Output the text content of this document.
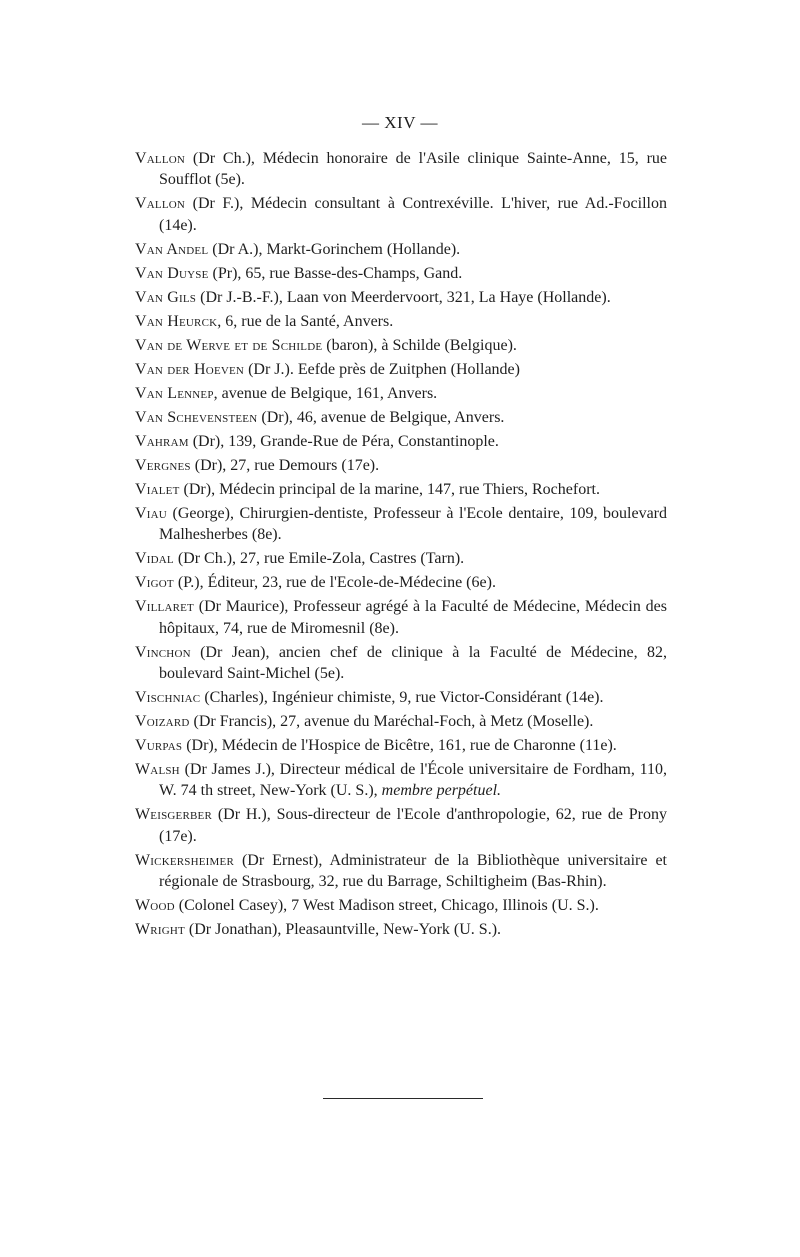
— XIV —

Vallon (Dr Ch.), Médecin honoraire de l'Asile clinique Sainte-Anne, 15, rue Soufflot (5e).

Vallon (Dr F.), Médecin consultant à Contrexéville. L'hiver, rue Ad.-Focillon (14e).

Van Andel (Dr A.), Markt-Gorinchem (Hollande).

Van Duyse (Pr), 65, rue Basse-des-Champs, Gand.

Van Gils (Dr J.-B.-F.), Laan von Meerdervoort, 321, La Haye (Hollande).

Van Heurck, 6, rue de la Santé, Anvers.

Van de Werve et de Schilde (baron), à Schilde (Belgique).

Van der Hoeven (Dr J.). Eefde près de Zuitphen (Hollande)

Van Lennep, avenue de Belgique, 161, Anvers.

Van Schevensteen (Dr), 46, avenue de Belgique, Anvers.

Vahram (Dr), 139, Grande-Rue de Péra, Constantinople.

Vergnes (Dr), 27, rue Demours (17e).

Vialet (Dr), Médecin principal de la marine, 147, rue Thiers, Rochefort.

Viau (George), Chirurgien-dentiste, Professeur à l'Ecole dentaire, 109, boulevard Malhesherbes (8e).

Vidal (Dr Ch.), 27, rue Emile-Zola, Castres (Tarn).

Vigot (P.), Éditeur, 23, rue de l'Ecole-de-Médecine (6e).

Villaret (Dr Maurice), Professeur agrégé à la Faculté de Médecine, Médecin des hôpitaux, 74, rue de Miromesnil (8e).

Vinchon (Dr Jean), ancien chef de clinique à la Faculté de Médecine, 82, boulevard Saint-Michel (5e).

Vischniac (Charles), Ingénieur chimiste, 9, rue Victor-Considérant (14e).

Voizard (Dr Francis), 27, avenue du Maréchal-Foch, à Metz (Moselle).

Vurpas (Dr), Médecin de l'Hospice de Bicêtre, 161, rue de Charonne (11e).

Walsh (Dr James J.), Directeur médical de l'École universitaire de Fordham, 110, W. 74 th street, New-York (U. S.), membre perpétuel.

Weisgerber (Dr H.), Sous-directeur de l'Ecole d'anthropologie, 62, rue de Prony (17e).

Wickersheimer (Dr Ernest), Administrateur de la Bibliothèque universitaire et régionale de Strasbourg, 32, rue du Barrage, Schiltigheim (Bas-Rhin).

Wood (Colonel Casey), 7 West Madison street, Chicago, Illinois (U. S.).

Wright (Dr Jonathan), Pleasauntville, New-York (U. S.).
